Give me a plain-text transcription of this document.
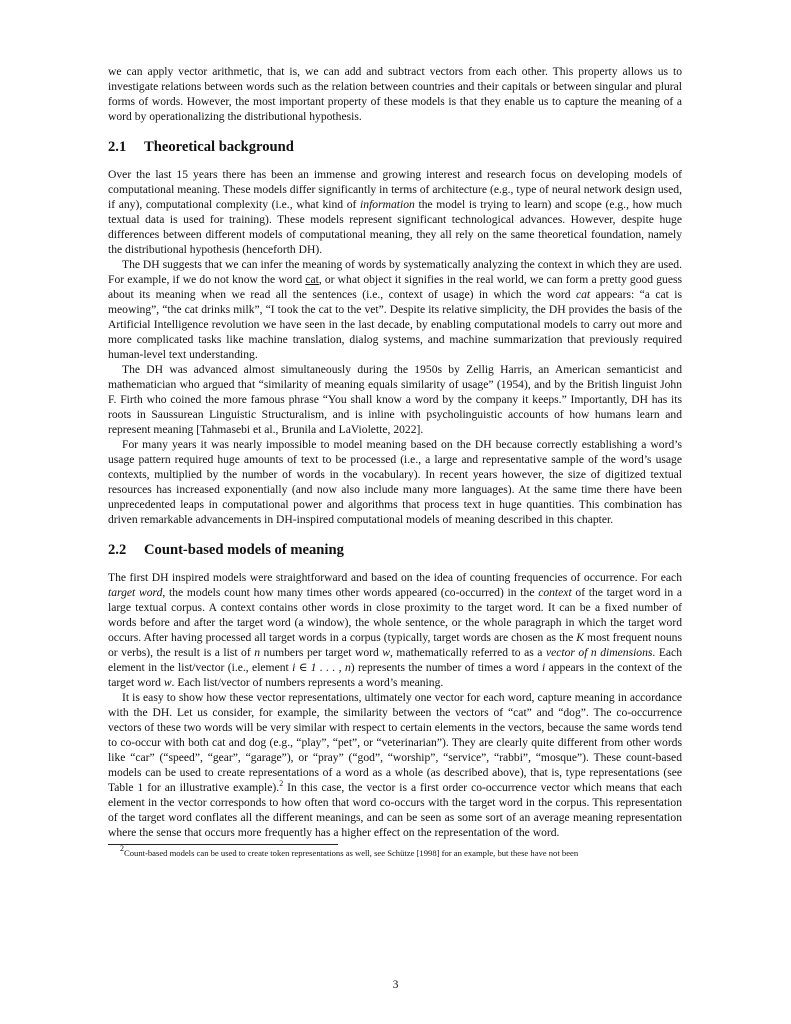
we can apply vector arithmetic, that is, we can add and subtract vectors from each other. This property allows us to investigate relations between words such as the relation between countries and their capitals or between singular and plural forms of words. However, the most important property of these models is that they enable us to capture the meaning of a word by operationalizing the distributional hypothesis.

2.1 Theoretical background

Over the last 15 years there has been an immense and growing interest and research focus on developing models of computational meaning. These models differ significantly in terms of architecture (e.g., type of neural network design used, if any), computational complexity (i.e., what kind of information the model is trying to learn) and scope (e.g., how much textual data is used for training). These models represent significant technological advances. However, despite huge differences between different models of computational meaning, they all rely on the same theoretical foundation, namely the distributional hypothesis (henceforth DH).

The DH suggests that we can infer the meaning of words by systematically analyzing the context in which they are used. For example, if we do not know the word cat, or what object it signifies in the real world, we can form a pretty good guess about its meaning when we read all the sentences (i.e., context of usage) in which the word cat appears: “a cat is meowing”, “the cat drinks milk”, “I took the cat to the vet”. Despite its relative simplicity, the DH provides the basis of the Artificial Intelligence revolution we have seen in the last decade, by enabling computational models to carry out more and more complicated tasks like machine translation, dialog systems, and machine summarization that previously required human-level text understanding.

The DH was advanced almost simultaneously during the 1950s by Zellig Harris, an American semanticist and mathematician who argued that “similarity of meaning equals similarity of usage” (1954), and by the British linguist John F. Firth who coined the more famous phrase “You shall know a word by the company it keeps.” Importantly, DH has its roots in Saussurean Linguistic Structuralism, and is inline with psycholinguistic accounts of how humans learn and represent meaning [Tahmasebi et al., Brunila and LaViolette, 2022].

For many years it was nearly impossible to model meaning based on the DH because correctly establishing a word’s usage pattern required huge amounts of text to be processed (i.e., a large and representative sample of the word’s usage contexts, multiplied by the number of words in the vocabulary). In recent years however, the size of digitized textual resources has increased exponentially (and now also include many more languages). At the same time there have been unprecedented leaps in computational power and algorithms that process text in huge quantities. This combination has driven remarkable advancements in DH-inspired computational models of meaning described in this chapter.

2.2 Count-based models of meaning

The first DH inspired models were straightforward and based on the idea of counting frequencies of occurrence. For each target word, the models count how many times other words appeared (co-occurred) in the context of the target word in a large textual corpus. A context contains other words in close proximity to the target word. It can be a fixed number of words before and after the target word (a window), the whole sentence, or the whole paragraph in which the target word occurs. After having processed all target words in a corpus (typically, target words are chosen as the K most frequent nouns or verbs), the result is a list of n numbers per target word w, mathematically referred to as a vector of n dimensions. Each element in the list/vector (i.e., element i ∈ 1 . . . , n) represents the number of times a word i appears in the context of the target word w. Each list/vector of numbers represents a word’s meaning.

It is easy to show how these vector representations, ultimately one vector for each word, capture meaning in accordance with the DH. Let us consider, for example, the similarity between the vectors of “cat” and “dog”. The co-occurrence vectors of these two words will be very similar with respect to certain elements in the vectors, because the same words tend to co-occur with both cat and dog (e.g., “play”, “pet”, or “veterinarian”). They are clearly quite different from other words like “car” (“speed”, “gear”, “garage”), or “pray” (“god”, “worship”, “service”, “rabbi”, “mosque”). These count-based models can be used to create representations of a word as a whole (as described above), that is, type representations (see Table 1 for an illustrative example).$^2$ In this case, the vector is a first order co-occurrence vector which means that each element in the vector corresponds to how often that word co-occurs with the target word in the corpus. This representation of the target word conflates all the different meanings, and can be seen as some sort of an average meaning representation where the sense that occurs more frequently has a higher effect on the representation of the word.

$^2$Count-based models can be used to create token representations as well, see Schütze [1998] for an example, but these have not been

3
